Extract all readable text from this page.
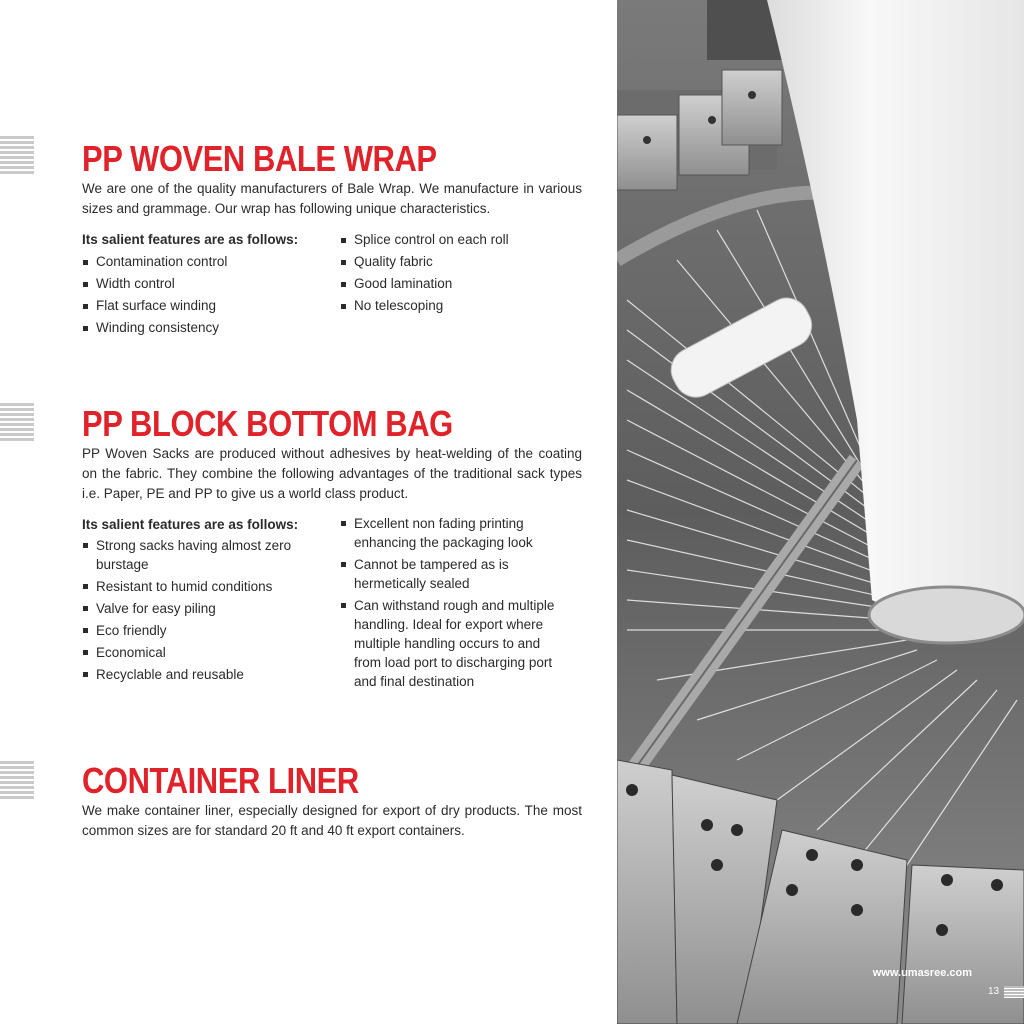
PP WOVEN BALE WRAP

We are one of the quality manufacturers of Bale Wrap. We manufacture in various sizes and grammage. Our wrap has following unique characteristics.

Its salient features are as follows:

Contamination control
Width control
Flat surface winding
Winding consistency
Splice control on each roll
Quality fabric
Good lamination
No telescoping
PP BLOCK BOTTOM BAG

PP Woven Sacks are produced without adhesives by heat-welding of the coating on the fabric. They combine the following advantages of the traditional sack types i.e. Paper, PE and PP to give us a world class product.

Its salient features are as follows:

Strong sacks having almost zero burstage
Resistant to humid conditions
Valve for easy piling
Eco friendly
Economical
Recyclable and reusable
Excellent non fading printing enhancing the packaging look
Cannot be tampered as is hermetically sealed
Can withstand rough and multiple handling. Ideal for export where multiple handling occurs to and from load port to discharging port and final destination
CONTAINER LINER

We make container liner, especially designed for export of dry products. The most common sizes are for standard 20 ft and 40 ft export containers.

www.umasree.com
13
